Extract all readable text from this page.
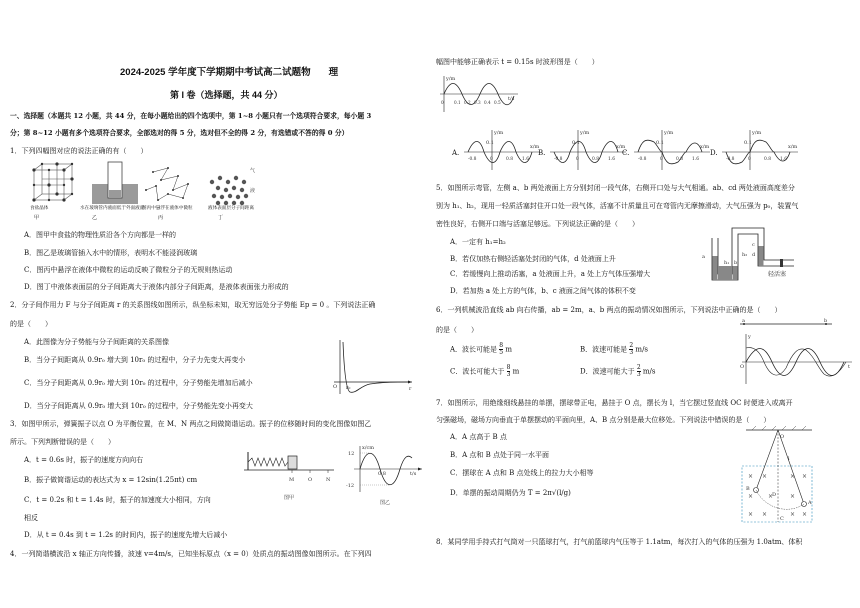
2024-2025 学年度下学期期中考试高二试题物 理
第 I 卷（选择题，共 44 分）
一、选择题（本题共 12 小题，共 44 分，在每小题给出的四个选项中，第 1~8 小题只有一个选项符合要求，每小题 3
分；第 8~12 小题有多个选项符合要求，全部选对的得 5 分，选对但不全的得 2 分，有选错或不答的得 0 分）
1．下列四幅图对应的说法正确的有（　　）
气
液
食盐晶体	水在玻璃管内液面低于外面液面
图丙中悬浮在液体中微粒	液体表面层分子间距离
甲	乙	丙	丁
A．图甲中食盐的物理性质沿各个方向都是一样的
B．图乙是玻璃管插入水中的情形，表明水不能浸润玻璃
C．图丙中悬浮在液体中微粒的运动反映了微粒分子的无规则热运动
D．图丁中液体表面层的分子间距离大于液体内部分子间距离，是液体表面张力形成的
2．分子间作用力 F 与分子间距离 r 的关系图线如图所示，纵坐标未知，取无穷远处分子势能 Ep = 0 。下列说法正确
的是（　　）
A．此图像为分子势能与分子间距离的关系图像
B．当分子间距离从 0.9r₀ 增大到 10r₀ 的过程中，分子力先变大再变小
C．当分子间距离从 0.9r₀ 增大到 10r₀ 的过程中，分子势能先增加后减小
D．当分子间距离从 0.9r₀ 增大到 10r₀ 的过程中，分子势能先变小再变大
O r₀	r
3．如图甲所示，弹簧振子以点 O 为平衡位置，在 M、N 两点之间做简谐运动。振子的位移随时间的变化图像如图乙
所示。下列判断错误的是（　　）
A．t = 0.6s 时，振子的速度方向向右
B．振子做简谐运动的表达式为 x = 12sin(1.25πt) cm
C．t = 0.2s 和 t = 1.4s 时，振子的加速度大小相同，方向
相反
D．从 t = 0.4s 到 t = 1.2s 的时间内，振子的速度先增大后减小
M	O	N
图甲
x/cm
t/s
12
-12
0.8
图乙
4．一列简谐横波沿 x 轴正方向传播，波速 v=4m/s，已知坐标原点（x = 0）处质点的振动图像如图所示。在下列四
幅图中能够正确表示 t = 0.15s 时波形图是（　　）
y/m
t/s
0 0.1 0.2 0.3 0.4 0.5
A.	B.	C.	D.
y/m
0.1
x/m
-0.8	0	0.8 1.6
y/m
0.1
x/m
-0.8	0	0.8 1.6
y/m
0.1
x/m
-0.8	0	0.8 1.6
y/m
0.1
x/m
-0.8	0	0.8 1.6
5．如图所示弯管，左侧 a、b 两处液面上方分别封闭一段气体，右侧开口处与大气相通。ab、cd 两处液面高度差分
别为 h₁、h₂，现用一轻质活塞封住开口处一段气体，活塞不计质量且可在弯管内无摩擦滑动，大气压强为 p₀，装置气
密性良好，右侧开口端与活塞足够远。下列说法正确的是（　　）
A．一定有 h₁=h₂
B．若仅加热右侧轻活塞处封闭的气体，d 处液面上升
C．若缓慢向上推动活塞，a 处液面上升，a 处上方气体压强增大
D．若加热 a 处上方的气体，b、c 液面之间气体的体积不变
a
b
c
d
h₁
h₂
轻活塞
6．一列机械波沿直线 ab 向右传播，ab = 2m，a、b 两点的振动情况如图所示，下列说法中正确的是（　　）
的是（　　）
A．波长可能是 $\frac{8}{5}$ m	B．波速可能是 $\frac{2}{3} m/s$
C．波长可能大于 $\frac{8}{3}$ m	D．波速可能大于 $\frac{2}{3} m/s$
a	b
y
t
O
7．如图所示，用绝缘细线悬挂的单摆，摆球带正电，悬挂于 O 点，摆长为 l，当它摆过竖直线 OC 时便进入或离开
匀强磁场，磁场方向垂直于单摆摆动的平面向里，A、B 点分别是最大位移处。下列说法中错误的是（　　）
A．A 点高于 B 点
B．A 点和 B 点处于同一水平面
C．摆球在 A 点和 B 点处线上的拉力大小相等
D．单摆的振动周期仍为 T = 2π√(l/g)
× ×	× ×
× ×	×
× ×	× ×
O
l
A
B
C
D
8．某同学用手持式打气筒对一只篮球打气，打气前篮球内气压等于 1.1atm，每次打入的气体的压强为 1.0atm、体积
